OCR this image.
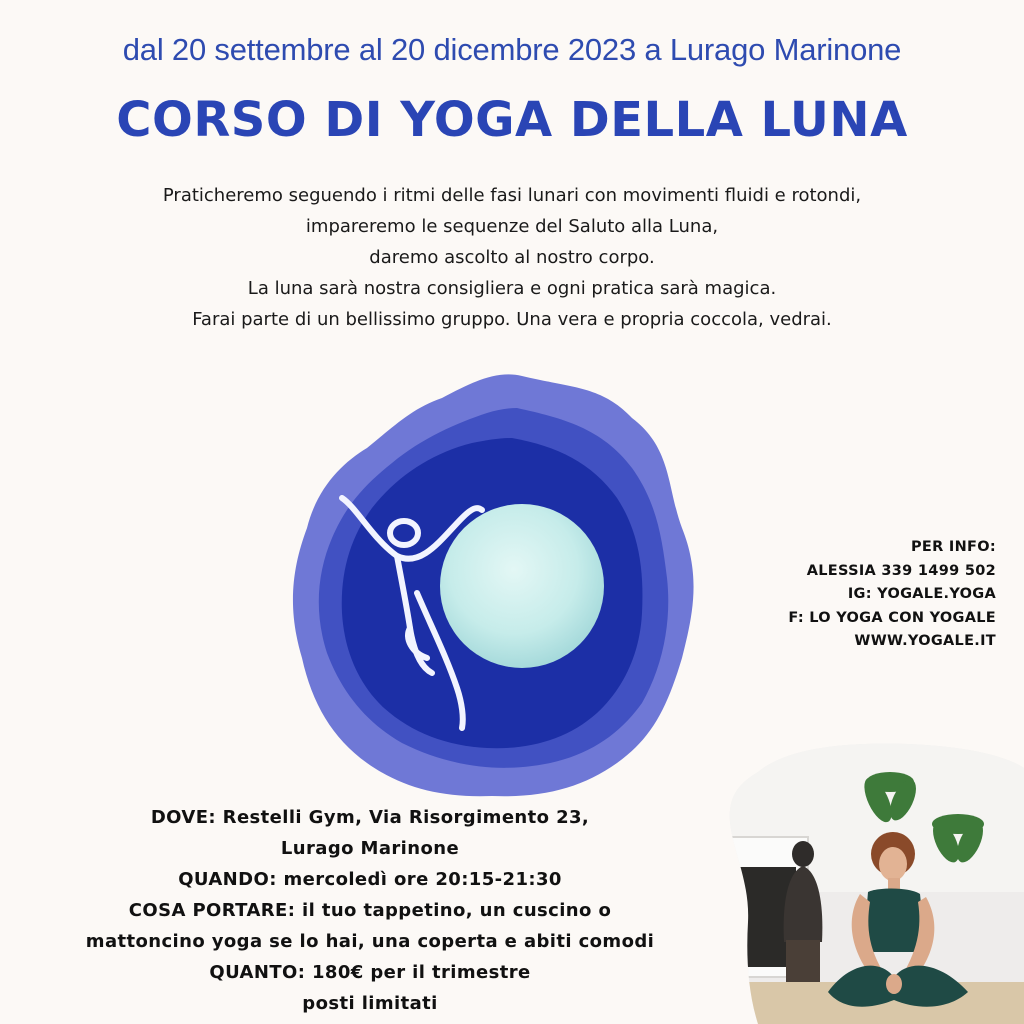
dal 20 settembre al 20 dicembre 2023 a Lurago Marinone
CORSO DI YOGA DELLA LUNA
Praticheremo seguendo i ritmi delle fasi lunari con movimenti fluidi e rotondi,
impareremo le sequenze del Saluto alla Luna,
daremo ascolto al nostro corpo.
La luna sarà nostra consigliera e ogni pratica sarà magica.
Farai parte di un bellissimo gruppo. Una vera e propria coccola, vedrai.
PER INFO:
ALESSIA 339 1499 502
IG: YOGALE.YOGA
F: LO YOGA CON YOGALE
WWW.YOGALE.IT
DOVE: Restelli Gym, Via Risorgimento 23,
Lurago Marinone
QUANDO: mercoledì ore 20:15-21:30
COSA PORTARE: il tuo tappetino, un cuscino o
mattoncino yoga se lo hai, una coperta e abiti comodi
QUANTO: 180€ per il trimestre
posti limitati
